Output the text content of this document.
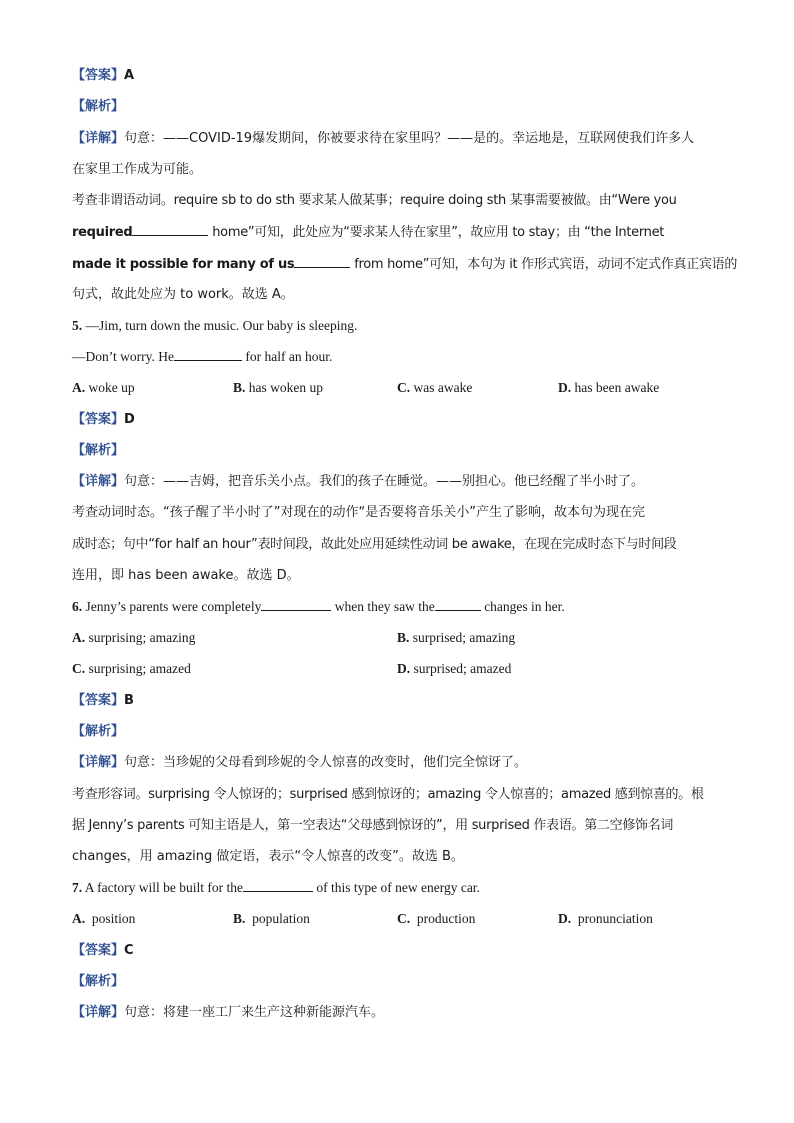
【答案】A
【解析】
【详解】句意：——COVID-19爆发期间，你被要求待在家里吗？——是的。幸运地是，互联网使我们许多人
在家里工作成为可能。
考查非谓语动词。require sb to do sth 要求某人做某事；require doing sth 某事需要被做。由“Were you
required	home”可知，此处应为“要求某人待在家里”，故应用 to stay；由 “the Internet
made it possible for many of us	from home”可知，本句为 it 作形式宾语，动词不定式作真正宾语的
句式，故此处应为 to work。故选 A。
5. —Jim, turn down the music. Our baby is sleeping.
—Don’t worry. He	for half an hour.
A. woke up	B. has woken up	C. was awake	D. has been awake
【答案】D
【解析】
【详解】句意：——吉姆，把音乐关小点。我们的孩子在睡觉。——别担心。他已经醒了半小时了。
考查动词时态。“孩子醒了半小时了”对现在的动作“是否要将音乐关小”产生了影响，故本句为现在完
成时态；句中“for half an hour”表时间段，故此处应用延续性动词 be awake，在现在完成时态下与时间段
连用，即 has been awake。故选 D。
6. Jenny’s parents were completely	when they saw the	changes in her.
A. surprising; amazing	B. surprised; amazing
C. surprising; amazed	D. surprised; amazed
【答案】B
【解析】
【详解】句意：当珍妮的父母看到珍妮的令人惊喜的改变时，他们完全惊讶了。
考查形容词。surprising 令人惊讶的；surprised 感到惊讶的；amazing 令人惊喜的；amazed 感到惊喜的。根
据 Jenny’s parents 可知主语是人，第一空表达“父母感到惊讶的”，用 surprised 作表语。第二空修饰名词
changes，用 amazing 做定语，表示“令人惊喜的改变”。故选 B。
7. A factory will be built for the	of this type of new energy car.
A. position	B. population	C. production	D. pronunciation
【答案】C
【解析】
【详解】句意：将建一座工厂来生产这种新能源汽车。
